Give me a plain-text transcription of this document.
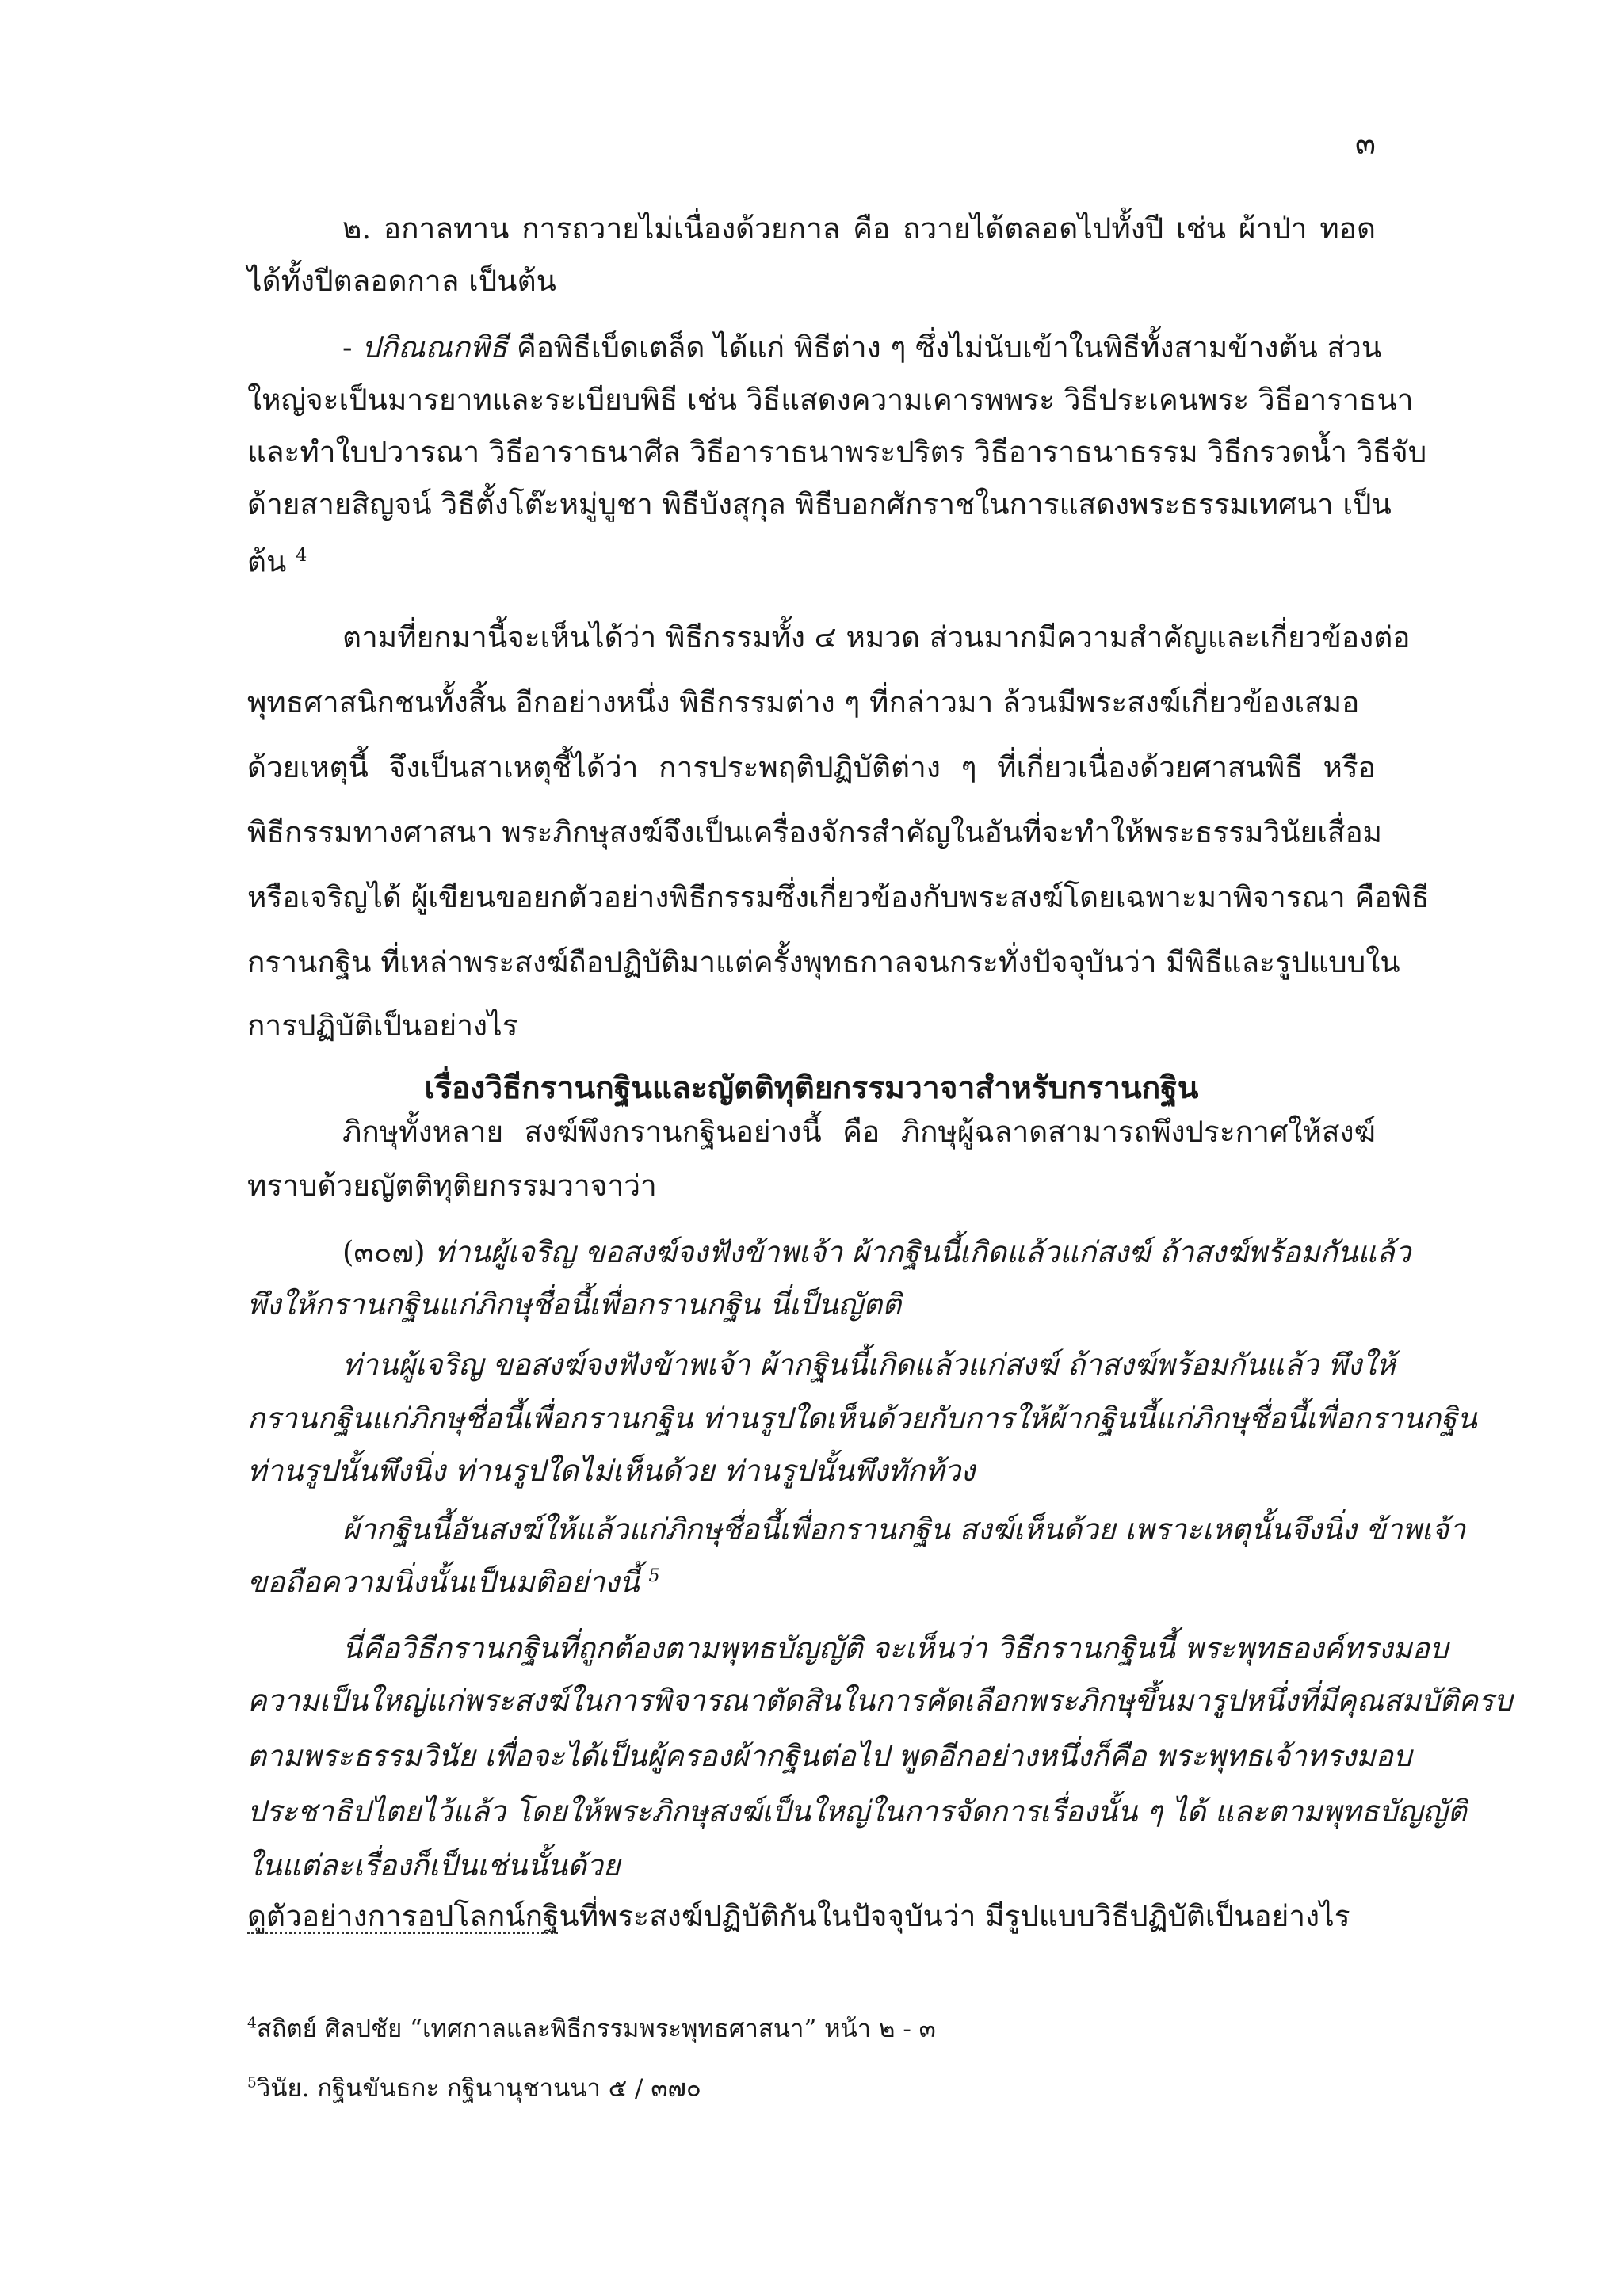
๓
๒. อกาลทาน การถวายไม่เนื่องด้วยกาล คือ ถวายได้ตลอดไปทั้งปี เช่น ผ้าป่า ทอด
ได้ทั้งปีตลอดกาล เป็นต้น
- ปกิณณกพิธี คือพิธีเบ็ดเตล็ด ได้แก่ พิธีต่าง ๆ ซึ่งไม่นับเข้าในพิธีทั้งสามข้างต้น ส่วน
ใหญ่จะเป็นมารยาทและระเบียบพิธี เช่น วิธีแสดงความเคารพพระ วิธีประเคนพระ วิธีอาราธนา
และทำใบปวารณา วิธีอาราธนาศีล วิธีอาราธนาพระปริตร วิธีอาราธนาธรรม วิธีกรวดน้ำ วิธีจับ
ด้ายสายสิญจน์ วิธีตั้งโต๊ะหมู่บูชา พิธีบังสุกุล พิธีบอกศักราชในการแสดงพระธรรมเทศนา เป็น
ต้น $^4$
ตามที่ยกมานี้จะเห็นได้ว่า พิธีกรรมทั้ง ๔ หมวด ส่วนมากมีความสำคัญและเกี่ยวข้องต่อ
พุทธศาสนิกชนทั้งสิ้น อีกอย่างหนึ่ง พิธีกรรมต่าง ๆ ที่กล่าวมา ล้วนมีพระสงฆ์เกี่ยวข้องเสมอ
ด้วยเหตุนี้ จึงเป็นสาเหตุชี้ได้ว่า การประพฤติปฏิบัติต่าง ๆ ที่เกี่ยวเนื่องด้วยศาสนพิธี หรือ
พิธีกรรมทางศาสนา พระภิกษุสงฆ์จึงเป็นเครื่องจักรสำคัญในอันที่จะทำให้พระธรรมวินัยเสื่อม
หรือเจริญได้ ผู้เขียนขอยกตัวอย่างพิธีกรรมซึ่งเกี่ยวข้องกับพระสงฆ์โดยเฉพาะมาพิจารณา คือพิธี
กรานกฐิน ที่เหล่าพระสงฆ์ถือปฏิบัติมาแต่ครั้งพุทธกาลจนกระทั่งปัจจุบันว่า มีพิธีและรูปแบบใน
การปฏิบัติเป็นอย่างไร
เรื่องวิธีกรานกฐินและญัตติทุติยกรรมวาจาสำหรับกรานกฐิน
ภิกษุทั้งหลาย สงฆ์พึงกรานกฐินอย่างนี้ คือ ภิกษุผู้ฉลาดสามารถพึงประกาศให้สงฆ์
ทราบด้วยญัตติทุติยกรรมวาจาว่า
(๓๐๗) ท่านผู้เจริญ ขอสงฆ์จงฟังข้าพเจ้า ผ้ากฐินนี้เกิดแล้วแก่สงฆ์ ถ้าสงฆ์พร้อมกันแล้ว
พึงให้กรานกฐินแก่ภิกษุชื่อนี้เพื่อกรานกฐิน นี่เป็นญัตติ
ท่านผู้เจริญ ขอสงฆ์จงฟังข้าพเจ้า ผ้ากฐินนี้เกิดแล้วแก่สงฆ์ ถ้าสงฆ์พร้อมกันแล้ว พึงให้
กรานกฐินแก่ภิกษุชื่อนี้เพื่อกรานกฐิน ท่านรูปใดเห็นด้วยกับการให้ผ้ากฐินนี้แก่ภิกษุชื่อนี้เพื่อกรานกฐิน
ท่านรูปนั้นพึงนิ่ง ท่านรูปใดไม่เห็นด้วย ท่านรูปนั้นพึงทักท้วง
ผ้ากฐินนี้อันสงฆ์ให้แล้วแก่ภิกษุชื่อนี้เพื่อกรานกฐิน สงฆ์เห็นด้วย เพราะเหตุนั้นจึงนิ่ง ข้าพเจ้า
ขอถือความนิ่งนั้นเป็นมติอย่างนี้ $^5$
นี่คือวิธีกรานกฐินที่ถูกต้องตามพุทธบัญญัติ จะเห็นว่า วิธีกรานกฐินนี้ พระพุทธองค์ทรงมอบ
ความเป็นใหญ่แก่พระสงฆ์ในการพิจารณาตัดสินในการคัดเลือกพระภิกษุขึ้นมารูปหนึ่งที่มีคุณสมบัติครบ
ตามพระธรรมวินัย เพื่อจะได้เป็นผู้ครองผ้ากฐินต่อไป พูดอีกอย่างหนึ่งก็คือ พระพุทธเจ้าทรงมอบ
ประชาธิปไตยไว้แล้ว โดยให้พระภิกษุสงฆ์เป็นใหญ่ในการจัดการเรื่องนั้น ๆ ได้ และตามพุทธบัญญัติ
ในแต่ละเรื่องก็เป็นเช่นนั้นด้วย
ดูตัวอย่างการอปโลกน์กฐินที่พระสงฆ์ปฏิบัติกันในปัจจุบันว่า มีรูปแบบวิธีปฏิบัติเป็นอย่างไร
$^4$สถิตย์ ศิลปชัย “เทศกาลและพิธีกรรมพระพุทธศาสนา” หน้า ๒ - ๓
$^5$วินัย. กฐินขันธกะ กฐินานุชานนา ๕ / ๓๗๐
